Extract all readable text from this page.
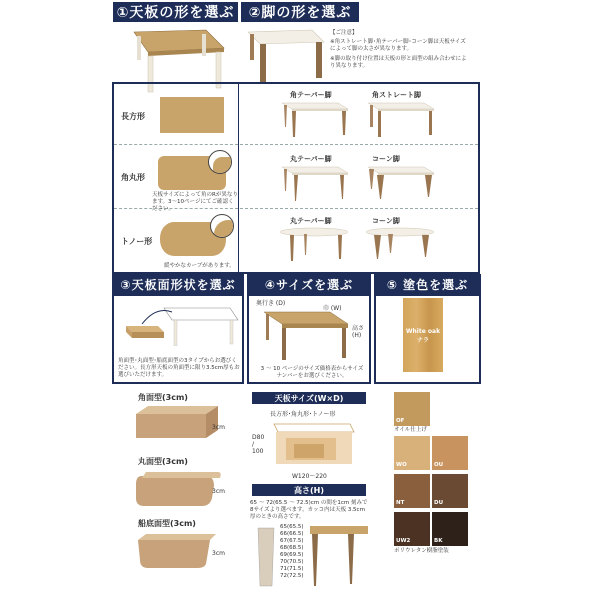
①天板の形を選ぶ	②脚の形を選ぶ
【ご注意】
※角ストレート脚･角テーパー脚･コーン脚は天板サイズによって脚の太さが異なります。
※脚の取り付け位置は天板の形と面型の組み合わせにより異なります。
長方形
角丸形
天板サイズによって角のRが異なります。3～10ページにてご確認ください。
トノー形
緩やかなカーブがあります。
角テーパー脚	角ストレート脚
丸テーパー脚	コーン脚
丸テーパー脚	コーン脚
③天板面形状を選ぶ	④サイズを選ぶ	⑤ 塗色を選ぶ
角面型･丸面型･船底面型の3タイプからお選びください。長方形天板の角面型に限り3.5cm厚もお選びいただけます。
奥行き (D)
巾 (W)
高さ (H)
3 ～ 10 ページのサイズ価格表からサイズナンバーをお選びください。
White oak
ナラ
角面型(3cm)
3cm
丸面型(3cm)
3cm
船底面型(3cm)
3cm
天板サイズ(W×D)
長方形･角丸形･トノー形
D80 / 100
W120～220
高さ(H)
65 ～ 72(65.5 ～ 72.5)cm の間を1cm 刻みで8サイズより選べます。カッコ内は天板 3.5cm 厚のときの高さです。
65(65.5)
66(66.5)
67(67.5)
68(68.5)
69(69.5)
70(70.5)
71(71.5)
72(72.5)
OF
オイル仕上げ
WO	OU
NT	DU
UW2	BK
ポリウレタン樹脂塗装
